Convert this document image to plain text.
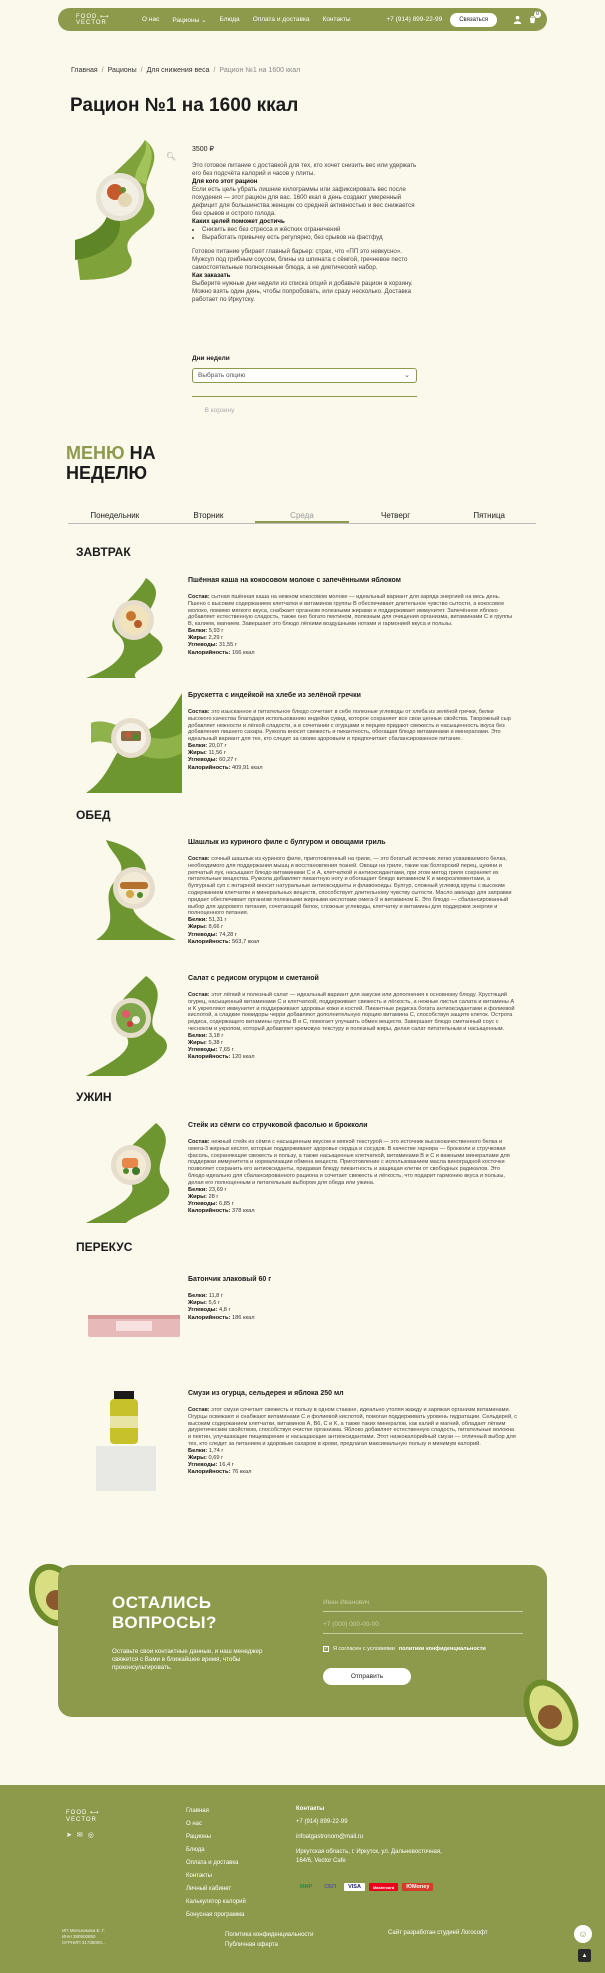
FOOD ⟷
VECTOR	О нас Рационы ⌄ Блюда Оплата и доставка Контакты	+7 (914) 899-22-99	Связаться
0
Главная / Рационы / Для снижения веса / Рацион №1 на 1600 ккал
Рацион №1 на 1600 ккал
🔍︎
3500 ₽

Это готовое питание с доставкой для тех, кто хочет снизить вес или удержать его без подсчёта калорий и часов у плиты.

Для кого этот рацион

Если есть цель убрать лишние килограммы или зафиксировать вес после похудения — этот рацион для вас. 1600 ккал в день создают умеренный дефицит для большинства женщин со средней активностью и вес снижается без срывов и острого голода.

Каких целей поможет достичь
• Снизить вес без стресса и жёстких ограничений
• Выработать привычку есть регулярно, без срывов на фастфуд

Готовое питание убирает главный барьер: страх, что «ПП это невкусно». Мужсуп под грибным соусом, блины из шпината с сёмгой, гречневое песто самостоятельные полноценные блюда, а не диетический набор.

Как заказать

Выберите нужные дни недели из списка опций и добавьте рацион в корзину. Можно взять один день, чтобы попробовать, или сразу несколько. Доставка работает по Иркутску.

Дни недели
Выбрать опцию	⌄
В корзину
МЕНЮ НА
НЕДЕЛЮ
Понедельник	Вторник	Среда	Четверг	Пятница
ЗАВТРАК
Пшённая каша на кокосовом молоке с запечёнными яблоком
Состав: сытная пшённая каша на нежном кокосовом молоке — идеальный вариант для заряда энергией на весь день. Пшено с высоким содержанием клетчатки и витаминов группы В обеспечивает длительное чувство сытости, а кокосовое молоко, помимо мягкого вкуса, снабжает организм полезными жирами и поддерживает иммунитет. Запечённое яблоко добавляет естественную сладость, также оно богато пектином, полезным для очищения организма, витаминами С и группы В, калием, магнием. Завершает это блюдо лёгкими воздушными нотами и гармонией вкуса и пользы.
Белки: 5,93 г
Жиры: 2,29 г
Углеводы: 31,55 г
Калорийность: 166 ккал
Брускетта с индейкой на хлебе из зелёной гречки
Состав: это изысканное и питательное блюдо сочетает в себе полезные углеводы от хлеба из зелёной гречки, белки высокого качества благодаря использованию индейки сувид, которое сохраняет все свои ценные свойства. Творожный сыр добавляет нежности и лёгкой сладости, а в сочетании с огурцами и перцем придают свежесть и насыщенность вкуса без добавления лишнего сахара. Руккола вносит свежесть и пикантность, обогащая блюдо витаминами и минералами. Это идеальный вариант для тех, кто следит за своим здоровьем и предпочитает сбалансированное питание.
Белки: 20,07 г
Жиры: 11,56 г
Углеводы: 60,27 г
Калорийность: 409,91 ккал
ОБЕД
Шашлык из куриного филе с булгуром и овощами гриль
Состав: сочный шашлык из куриного филе, приготовленный на гриле, — это богатый источник легко усваиваемого белка, необходимого для поддержания мышц и восстановления тканей. Овощи на гриле, такие как болгарский перец, цукини и репчатый лук, насыщают блюдо витаминами C и A, клетчаткой и антиоксидантами, при этом метод гриля сохраняет их питательные вещества. Руккола добавляет пикантную ноту и обогащает блюдо витамином К и микроэлементами, а булгурный суп с янтарной вносит натуральные антиоксиданты и флавоноиды. Булгур, сложный углевод крупы с высоким содержанием клетчатки и минеральных веществ, способствует длительному чувству сытости. Масло авокадо для заправки придает обеспечивает организм полезными жирными кислотами омега-9 и витамином Е. Это блюдо — сбалансированный выбор для здорового питания, сочетающий белок, сложные углеводы, клетчатку и витамины для поддержки энергии и полноценного питания.
Белки: 51,31 г
Жиры: 8,66 г
Углеводы: 74,28 г
Калорийность: 563,7 ккал
Салат с редисом огурцом и сметаной
Состав: этот лёгкий и полезный салат — идеальный вариант для закуски или дополнения к основному блюду. Хрустящий огурец, насыщенный витаминами С и клетчаткой, поддерживает свежесть и лёгкость, а нежные листья салата и витамины A и K укрепляют иммунитет и поддерживают здоровье кожи и костей. Пикантные редиска богата антиоксидантами и фолиевой кислотой, а сладкие помидоры черри добавляют дополнительную порцию витамина C, способствуя защите клеток. Острота редиса, содержащего витамины группы В и С, помогает улучшить обмен веществ. Завершает блюдо сметанный соус с чесноком и укропом, который добавляет кремовую текстуру и полезный жиры, делая салат питательным и насыщенным.
Белки: 3,18 г
Жиры: 5,38 г
Углеводы: 7,65 г
Калорийность: 120 ккал
УЖИН
Стейк из сёмги со стручковой фасолью и брокколи
Состав: нежный стейк из сёмги с насыщенным вкусом и мягкой текстурой — это источник высококачественного белка и омега-3 жирных кислот, которые поддерживают здоровье сердца и сосудов. В качестве гарнира — брокколи и стручковая фасоль, сохраняющие свежесть и пользу, а также насыщенные клетчаткой, витаминами В и С и важными минералами для поддержки иммунитета и нормализации обмена веществ. Приготовление с использованием масла виноградной косточки позволяет сохранить его антиоксиданты, придавая блюду пикантность и защищая клетки от свободных радикалов. Это блюдо идеально для сбалансированного рациона и сочетает свежесть и лёгкость, что подарит гармонию вкуса и пользы, делая его полноценным и питательным выбором для обеда или ужина.
Белки: 23,69 г
Жиры: 28 г
Углеводы: 6,85 г
Калорийность: 378 ккал
ПЕРЕКУС
Батончик злаковый 60 г
Белки: 11,8 г
Жиры: 5,6 г
Углеводы: 4,8 г
Калорийность: 186 ккал
Смузи из огурца, сельдерея и яблока 250 мл
Состав: этот смузи сочетает свежесть и пользу в одном стакане, идеально утоляя жажду и заряжая организм витаминами. Огурцы освежают и снабжают витаминами С и фолиевой кислотой, помогая поддерживать уровень гидратации. Сельдерей, с высоким содержанием клетчатки, витаминов A, B6, C и K, а также таких минералов, как калий и магний, обладает лёгким диуретическим свойством, способствуя очистке организма. Яблоко добавляет естественную сладость, питательные волокна и пектин, улучшающие пищеварение и насыщающие антиоксидантами. Этот низкокалорийный смузи — отличный выбор для тех, кто следит за питанием и здоровым сахаром в крови, предлагая максимальную пользу и минимум калорий.
Белки: 1,74 г
Жиры: 0,69 г
Углеводы: 16,4 г
Калорийность: 76 ккал
ОСТАЛИСЬ
ВОПРОСЫ?
Оставьте свои контактные данные, и наш менеджер свяжется с Вами в ближайшее время, чтобы проконсультировать.
Иван Иванович
+7 (000) 000-00-00
✓ Я согласен с условиями политики конфиденциальности
Отправить
FOOD ⟷
VECTOR
➤ ✉ ◎
Главная
О нас
Рационы
Блюда
Оплата и доставка
Контакты
Личный кабинет
Калькулятор калорий
Бонусная программа
Контакты
+7 (914) 899-22-99
infoatgastronom@mail.ru
Иркутская область, г. Иркутск, ул. Дальневосточная, 164/6, Vector Cafe
МИР	СБП	VISA	Mastercard	ЮMoney
ИП Мельникова Е. Г.
ИНН 380500850
ОГРНИП 31738000...
Политика конфиденциальности
Публичная оферта
Сайт разработан студией Логософт	☺
▲
